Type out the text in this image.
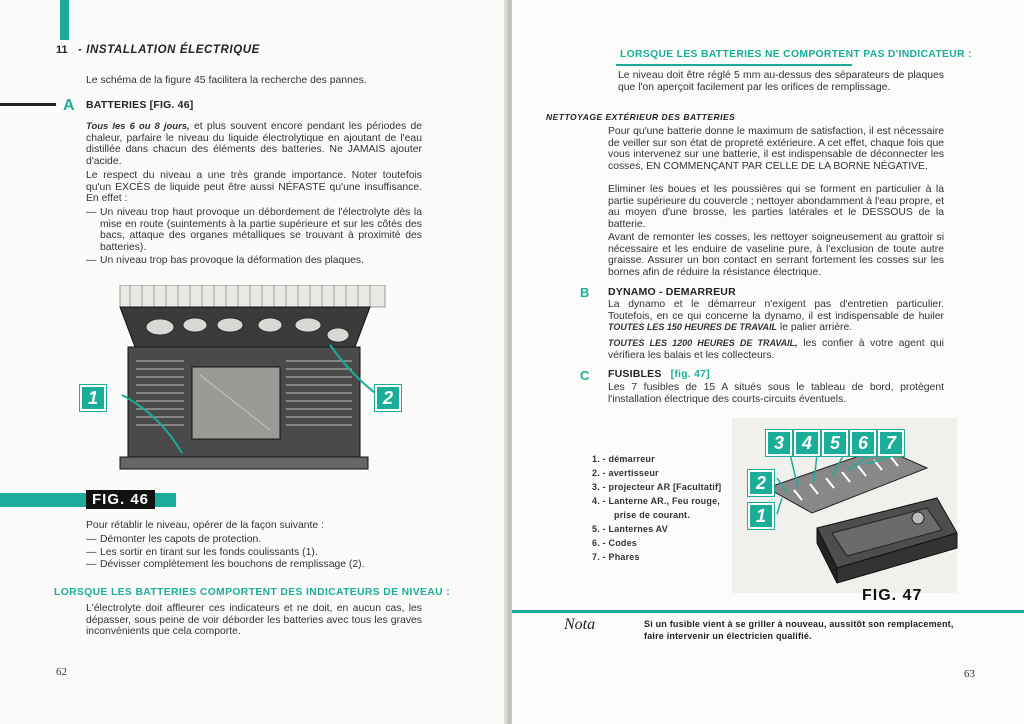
11 - INSTALLATION ÉLECTRIQUE
Le schéma de la figure 45 facilitera la recherche des pannes.
A BATTERIES [FIG. 46]
Tous les 6 ou 8 jours, et plus souvent encore pendant les périodes de chaleur, parfaire le niveau du liquide électrolytique en ajoutant de l'eau distillée dans chacun des éléments des batteries. Ne JAMAIS ajouter d'acide.
Le respect du niveau a une très grande importance. Noter toutefois qu'un EXCÈS de liquide peut être aussi NÉFASTE qu'une insuffisance. En effet :
— Un niveau trop haut provoque un débordement de l'électrolyte dès la mise en route (suintements à la partie supérieure et sur les côtés des bacs, attaque des organes métalliques se trouvant à proximité des batteries).
— Un niveau trop bas provoque la déformation des plaques.
1	2
FIG. 46
Pour rétablir le niveau, opérer de la façon suivante :
— Démonter les capots de protection.
— Les sortir en tirant sur les fonds coulissants (1).
— Dévisser complètement les bouchons de remplissage (2).
LORSQUE LES BATTERIES COMPORTENT DES INDICATEURS DE NIVEAU :
L'électrolyte doit affleurer ces indicateurs et ne doit, en aucun cas, les dépasser, sous peine de voir déborder les batteries avec tous les graves inconvénients que cela comporte.
62
LORSQUE LES BATTERIES NE COMPORTENT PAS D'INDICATEUR :
Le niveau doit être réglé 5 mm au-dessus des séparateurs de plaques que l'on aperçoit facilement par les orifices de remplissage.
NETTOYAGE EXTÉRIEUR DES BATTERIES
Pour qu'une batterie donne le maximum de satisfaction, il est nécessaire de veiller sur son état de propreté extérieure. A cet effet, chaque fois que vous intervenez sur une batterie, il est indispensable de déconnecter les cosses, EN COMMENÇANT PAR CELLE DE LA BORNE NÉGATIVE.
Eliminer les boues et les poussières qui se forment en particulier à la partie supérieure du couvercle ; nettoyer abondamment à l'eau propre, et au moyen d'une brosse, les parties latérales et le DESSOUS de la batterie.
Avant de remonter les cosses, les nettoyer soigneusement au grattoir si nécessaire et les enduire de vaseline pure, à l'exclusion de toute autre graisse. Assurer un bon contact en serrant fortement les cosses sur les bornes afin de réduire la résistance électrique.
B DYNAMO - DEMARREUR
La dynamo et le démarreur n'exigent pas d'entretien particulier. Toutefois, en ce qui concerne la dynamo, il est indispensable de huiler TOUTES LES 150 HEURES DE TRAVAIL le palier arrière.
TOUTES LES 1200 HEURES DE TRAVAIL, les confier à votre agent qui vérifiera les balais et les collecteurs.
C FUSIBLES [fig. 47]
Les 7 fusibles de 15 A situés sous le tableau de bord, protègent l'installation électrique des courts-circuits éventuels.
1. - démarreur
2. - avertisseur
3. - projecteur AR [Facultatif]
4. - Lanterne AR., Feu rouge,
prise de courant.
5. - Lanternes AV
6. - Codes
7. - Phares
3 4 5 6 7
2
1
FIG. 47
Nota	Si un fusible vient à se griller à nouveau, aussitôt son remplacement, faire intervenir un électricien qualifié.
63
